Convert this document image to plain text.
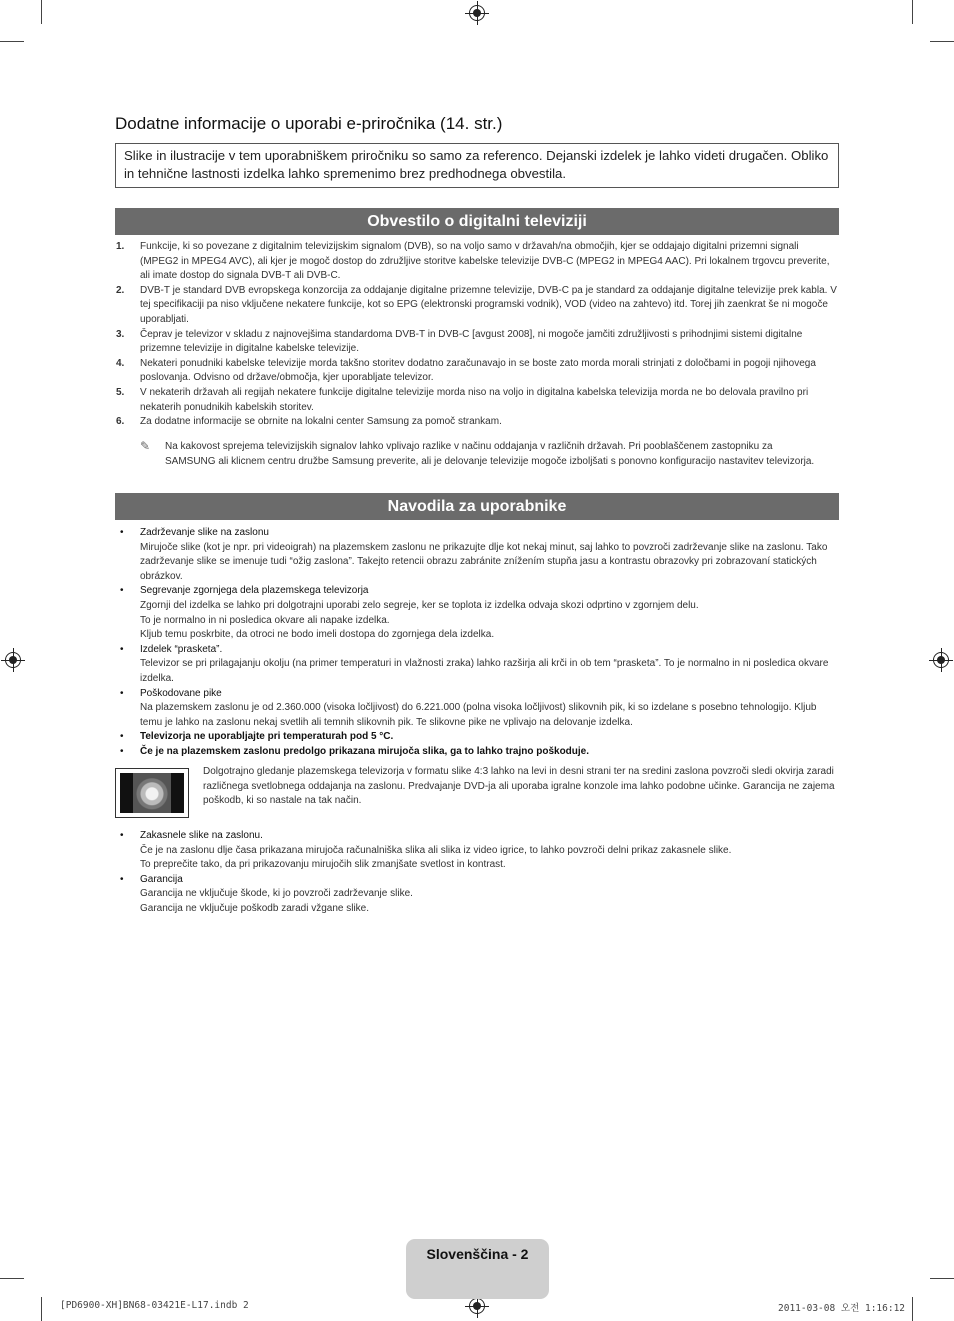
Dodatne informacije o uporabi e-priročnika (14. str.)
Slike in ilustracije v tem uporabniškem priročniku so samo za referenco. Dejanski izdelek je lahko videti drugačen. Obliko in tehnične lastnosti izdelka lahko spremenimo brez predhodnega obvestila.
Obvestilo o digitalni televiziji
1. Funkcije, ki so povezane z digitalnim televizijskim signalom (DVB), so na voljo samo v državah/na območjih, kjer se oddajajo digitalni prizemni signali (MPEG2 in MPEG4 AVC), ali kjer je mogoč dostop do združljive storitve kabelske televizije DVB-C (MPEG2 in MPEG4 AAC). Pri lokalnem trgovcu preverite, ali imate dostop do signala DVB-T ali DVB-C.
2. DVB-T je standard DVB evropskega konzorcija za oddajanje digitalne prizemne televizije, DVB-C pa je standard za oddajanje digitalne televizije prek kabla. V tej specifikaciji pa niso vključene nekatere funkcije, kot so EPG (elektronski programski vodnik), VOD (video na zahtevo) itd. Torej jih zaenkrat še ni mogoče uporabljati.
3. Čeprav je televizor v skladu z najnovejšima standardoma DVB-T in DVB-C [avgust 2008], ni mogoče jamčiti združljivosti s prihodnjimi sistemi digitalne prizemne televizije in digitalne kabelske televizije.
4. Nekateri ponudniki kabelske televizije morda takšno storitev dodatno zaračunavajo in se boste zato morda morali strinjati z določbami in pogoji njihovega poslovanja. Odvisno od države/območja, kjer uporabljate televizor.
5. V nekaterih državah ali regijah nekatere funkcije digitalne televizije morda niso na voljo in digitalna kabelska televizija morda ne bo delovala pravilno pri nekaterih ponudnikih kabelskih storitev.
6. Za dodatne informacije se obrnite na lokalni center Samsung za pomoč strankam.
✎ Na kakovost sprejema televizijskih signalov lahko vplivajo razlike v načinu oddajanja v različnih državah. Pri pooblaščenem zastopniku za SAMSUNG ali klicnem centru družbe Samsung preverite, ali je delovanje televizije mogoče izboljšati s ponovno konfiguracijo nastavitev televizorja.
Navodila za uporabnike
• Zadrževanje slike na zaslonu
Mirujoče slike (kot je npr. pri videoigrah) na plazemskem zaslonu ne prikazujte dlje kot nekaj minut, saj lahko to povzroči zadrževanje slike na zaslonu. Tako zadrževanje slike se imenuje tudi “ožig zaslona”. Takejto retencii obrazu zabránite znížením stupňa jasu a kontrastu obrazovky pri zobrazovaní statických obrázkov.
• Segrevanje zgornjega dela plazemskega televizorja
Zgornji del izdelka se lahko pri dolgotrajni uporabi zelo segreje, ker se toplota iz izdelka odvaja skozi odprtino v zgornjem delu.
To je normalno in ni posledica okvare ali napake izdelka.
Kljub temu poskrbite, da otroci ne bodo imeli dostopa do zgornjega dela izdelka.
• Izdelek “prasketa”.
Televizor se pri prilagajanju okolju (na primer temperaturi in vlažnosti zraka) lahko razširja ali krči in ob tem “prasketa”. To je normalno in ni posledica okvare izdelka.
• Poškodovane pike
Na plazemskem zaslonu je od 2.360.000 (visoka ločljivost) do 6.221.000 (polna visoka ločljivost) slikovnih pik, ki so izdelane s posebno tehnologijo. Kljub temu je lahko na zaslonu nekaj svetlih ali temnih slikovnih pik. Te slikovne pike ne vplivajo na delovanje izdelka.
• Televizorja ne uporabljajte pri temperaturah pod 5 °C.
• Če je na plazemskem zaslonu predolgo prikazana mirujoča slika, ga to lahko trajno poškoduje.
Dolgotrajno gledanje plazemskega televizorja v formatu slike 4:3 lahko na levi in desni strani ter na sredini zaslona povzroči sledi okvirja zaradi različnega svetlobnega oddajanja na zaslonu. Predvajanje DVD-ja ali uporaba igralne konzole ima lahko podobne učinke. Garancija ne zajema poškodb, ki so nastale na tak način.
• Zakasnele slike na zaslonu.
Če je na zaslonu dlje časa prikazana mirujoča računalniška slika ali slika iz video igrice, to lahko povzroči delni prikaz zakasnele slike.
To preprečite tako, da pri prikazovanju mirujočih slik zmanjšate svetlost in kontrast.
• Garancija
Garancija ne vključuje škode, ki jo povzroči zadrževanje slike.
Garancija ne vključuje poškodb zaradi vžgane slike.
Slovenščina - 2
[PD6900-XH]BN68-03421E-L17.indb 2	2011-03-08 오전 1:16:12
